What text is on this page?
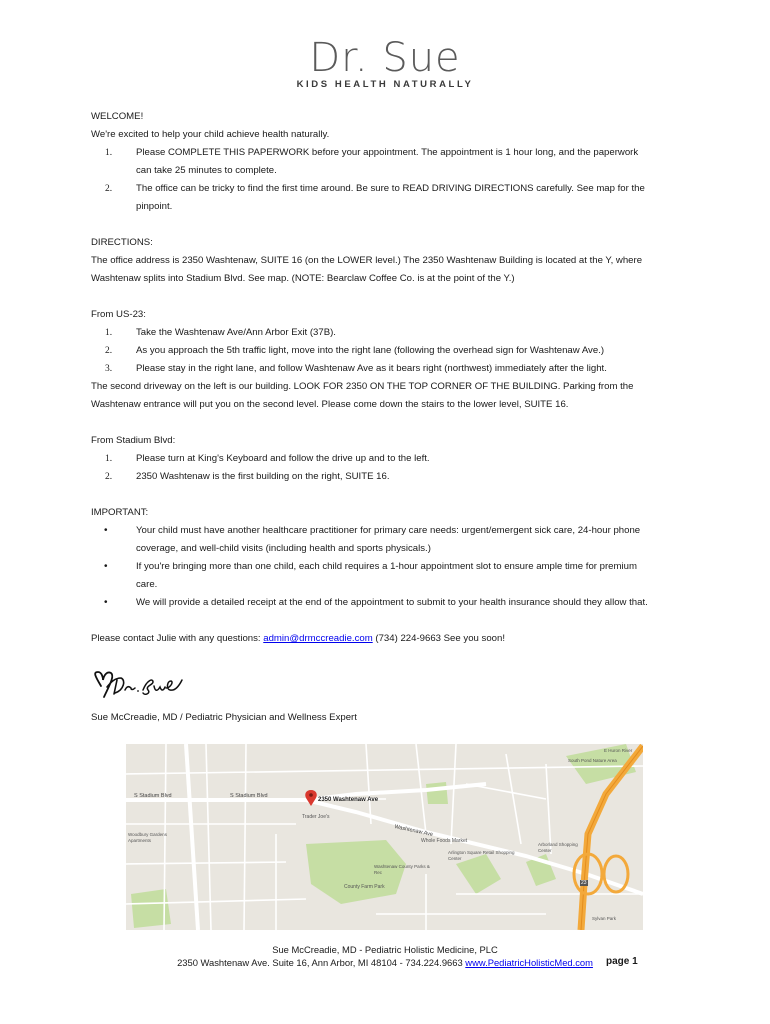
Dr. Sue
KIDS HEALTH NATURALLY

WELCOME!

We're excited to help your child achieve health naturally.

1. Please COMPLETE THIS PAPERWORK before your appointment. The appointment is 1 hour long, and the paperwork
can take 25 minutes to complete.
2. The office can be tricky to find the first time around. Be sure to READ DRIVING DIRECTIONS carefully. See map for the
pinpoint.

DIRECTIONS:

The office address is 2350 Washtenaw, SUITE 16 (on the LOWER level.) The 2350 Washtenaw Building is located at the Y, where

Washtenaw splits into Stadium Blvd. See map. (NOTE: Bearclaw Coffee Co. is at the point of the Y.)

From US-23:

1. Take the Washtenaw Ave/Ann Arbor Exit (37B).
2. As you approach the 5th traffic light, move into the right lane (following the overhead sign for Washtenaw Ave.)
3. Please stay in the right lane, and follow Washtenaw Ave as it bears right (northwest) immediately after the light.

The second driveway on the left is our building. LOOK FOR 2350 ON THE TOP CORNER OF THE BUILDING. Parking from the

Washtenaw entrance will put you on the second level. Please come down the stairs to the lower level, SUITE 16.

From Stadium Blvd:

1. Please turn at King's Keyboard and follow the drive up and to the left.
2. 2350 Washtenaw is the first building on the right, SUITE 16.

IMPORTANT:

•	Your child must have another healthcare practitioner for primary care needs: urgent/emergent sick care, 24-hour phone
coverage, and well-child visits (including health and sports physicals.)
•	If you're bringing more than one child, each child requires a 1-hour appointment slot to ensure ample time for premium
care.
•	We will provide a detailed receipt at the end of the appointment to submit to your health insurance should they allow that.

Please contact Julie with any questions: admin@drmccreadie.com (734) 224-9663 See you soon!

Sue McCreadie, MD / Pediatric Physician and Wellness Expert
2350 Washtenaw Ave
S Stadium Blvd	S Stadium Blvd
Washtenaw Ave
Trader Joe's
Whole Foods Market
Arlington Square Retail Shopping Center
Arborland Shopping Center
Washtenaw County Parks & Rec
County Farm Park
South Pond Nature Area
Woodbury Gardens Apartments
Sylvan Park
E Huron River
23
Sue McCreadie, MD - Pediatric Holistic Medicine, PLC
2350 Washtenaw Ave. Suite 16, Ann Arbor, MI 48104 - 734.224.9663 www.PediatricHolisticMed.com	page 1
